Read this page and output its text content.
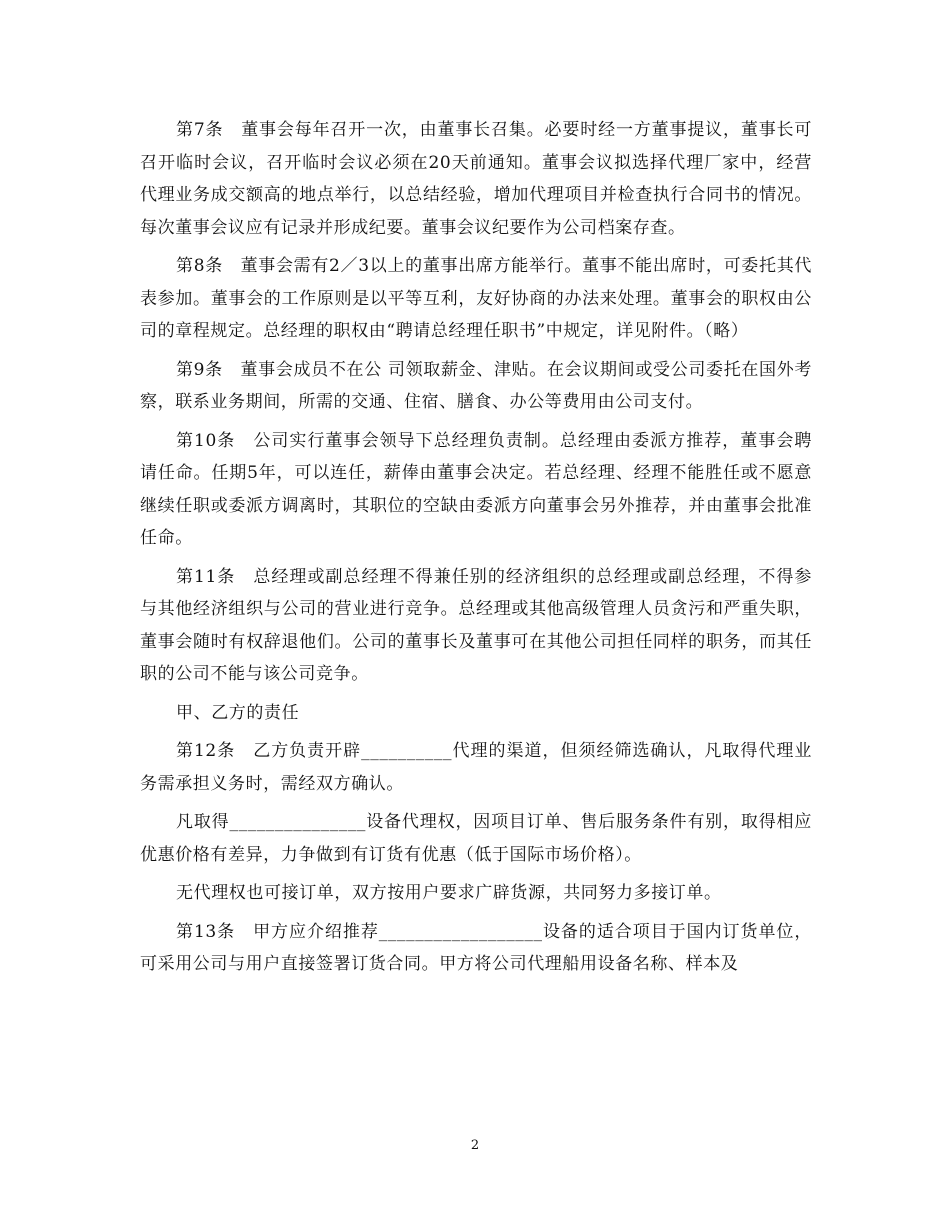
第7条　董事会每年召开一次，由董事长召集。必要时经一方董事提议，董事长可召开临时会议，召开临时会议必须在20天前通知。董事会议拟选择代理厂家中，经营代理业务成交额高的地点举行，以总结经验，增加代理项目并检查执行合同书的情况。每次董事会议应有记录并形成纪要。董事会议纪要作为公司档案存查。

第8条　董事会需有2／3以上的董事出席方能举行。董事不能出席时，可委托其代表参加。董事会的工作原则是以平等互利，友好协商的办法来处理。董事会的职权由公司的章程规定。总经理的职权由“聘请总经理任职书”中规定，详见附件。（略）

第9条　董事会成员不在公 司领取薪金、津贴。在会议期间或受公司委托在国外考察，联系业务期间，所需的交通、住宿、膳食、办公等费用由公司支付。

第10条　公司实行董事会领导下总经理负责制。总经理由委派方推荐，董事会聘请任命。任期5年，可以连任，薪俸由董事会决定。若总经理、经理不能胜任或不愿意继续任职或委派方调离时，其职位的空缺由委派方向董事会另外推荐，并由董事会批准任命。

第11条　总经理或副总经理不得兼任别的经济组织的总经理或副总经理，不得参与其他经济组织与公司的营业进行竞争。总经理或其他高级管理人员贪污和严重失职，董事会随时有权辞退他们。公司的董事长及董事可在其他公司担任同样的职务，而其任职的公司不能与该公司竞争。

甲、乙方的责任

第12条　乙方负责开辟__________代理的渠道，但须经筛选确认，凡取得代理业务需承担义务时，需经双方确认。

凡取得_______________设备代理权，因项目订单、售后服务条件有别，取得相应优惠价格有差异，力争做到有订货有优惠（低于国际市场价格）。

无代理权也可接订单，双方按用户要求广辟货源，共同努力多接订单。

第13条　甲方应介绍推荐__________________设备的适合项目于国内订货单位，可采用公司与用户直接签署订货合同。甲方将公司代理船用设备名称、样本及

2
